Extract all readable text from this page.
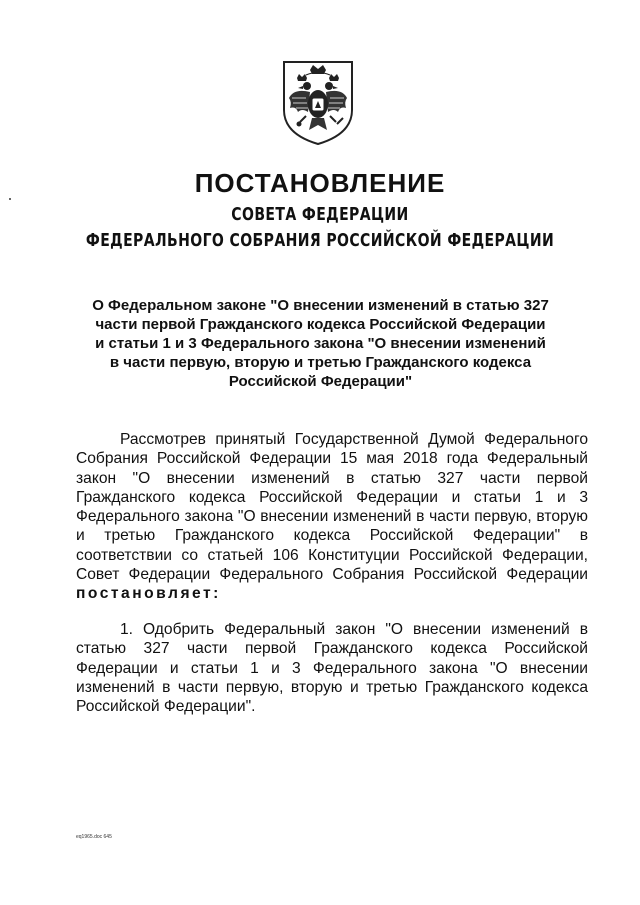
ПОСТАНОВЛЕНИЕ
СОВЕТА ФЕДЕРАЦИИ
ФЕДЕРАЛЬНОГО СОБРАНИЯ РОССИЙСКОЙ ФЕДЕРАЦИИ
О Федеральном законе "О внесении изменений в статью 327
части первой Гражданского кодекса Российской Федерации
и статьи 1 и 3 Федерального закона "О внесении изменений
в части первую, вторую и третью Гражданского кодекса
Российской Федерации"
Рассмотрев принятый Государственной Думой Федерального Собрания Российской Федерации 15 мая 2018 года Федеральный закон "О внесении изменений в статью 327 части первой Гражданского кодекса Российской Федерации и статьи 1 и 3 Федерального закона "О внесении изменений в части первую, вторую и третью Гражданского кодекса Российской Федерации" в соответствии со статьей 106 Конституции Российской Федерации, Совет Федерации Федерального Собрания Российской Федерации постановляет:
1. Одобрить Федеральный закон "О внесении изменений в статью 327 части первой Гражданского кодекса Российской Федерации и статьи 1 и 3 Федерального закона "О внесении изменений в части первую, вторую и третью Гражданского кодекса Российской Федерации".
eq1965.doc 645
